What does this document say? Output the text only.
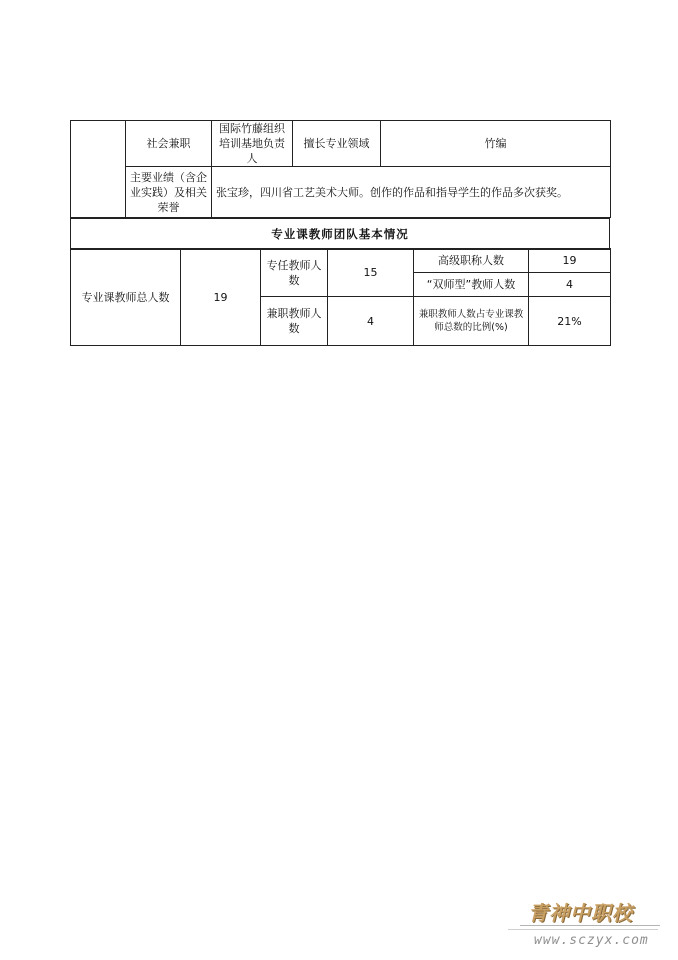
	社会兼职	国际竹藤组织培训基地负责人	擅长专业领域	竹编
	主要业绩（含企业实践）及相关荣誉	张宝珍，四川省工艺美术大师。创作的作品和指导学生的作品多次获奖。		
专业课教师团队基本情况
专业课教师总人数	19	专任教师人数	15	高级职称人数	19
				“双师型”教师人数	4
		兼职教师人数	4	兼职教师人数占专业课教师总数的比例(%)	21%
青神中职校
www.sczyx.com
